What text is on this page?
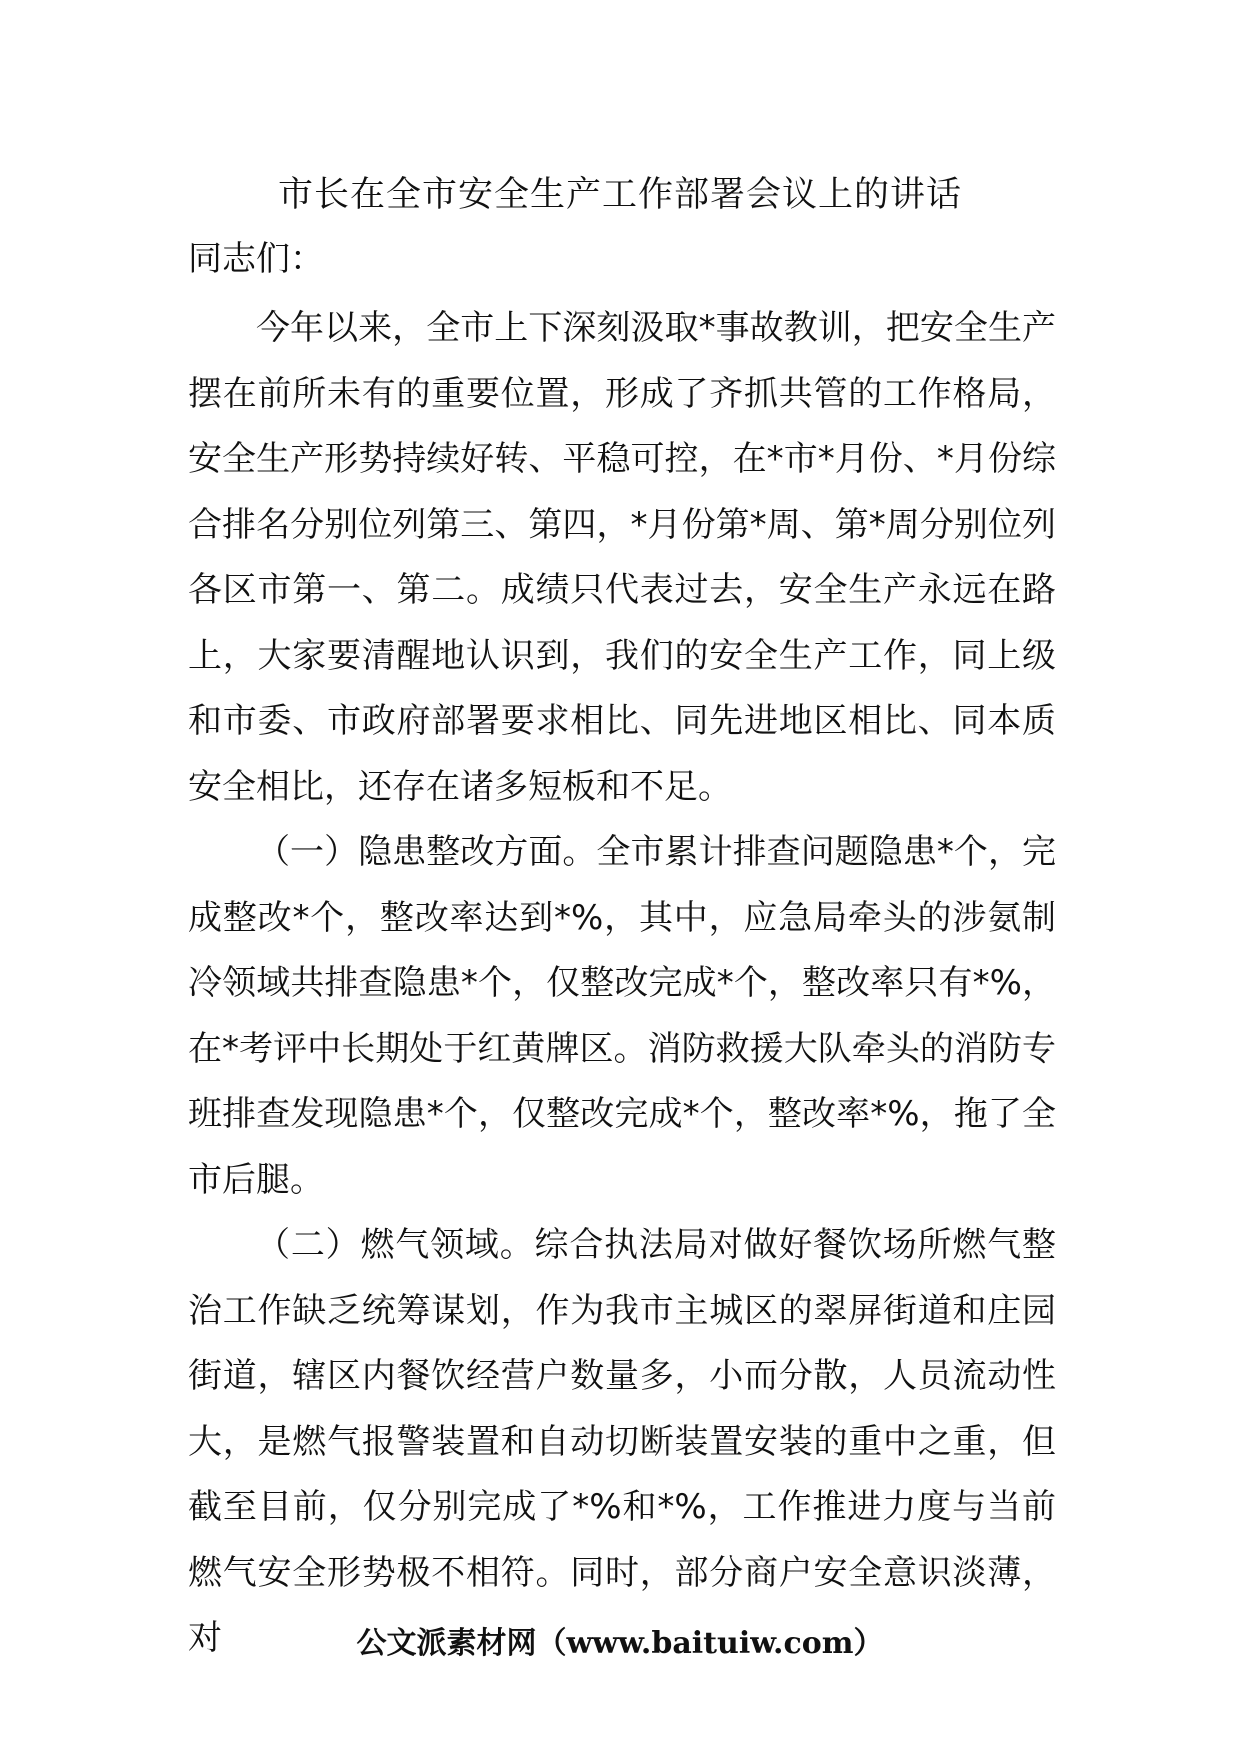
市长在全市安全生产工作部署会议上的讲话

同志们：

今年以来，全市上下深刻汲取*事故教训，把安全生产摆在前所未有的重要位置，形成了齐抓共管的工作格局，安全生产形势持续好转、平稳可控，在*市*月份、*月份综合排名分别位列第三、第四，*月份第*周、第*周分别位列各区市第一、第二。成绩只代表过去，安全生产永远在路上，大家要清醒地认识到，我们的安全生产工作，同上级和市委、市政府部署要求相比、同先进地区相比、同本质安全相比，还存在诸多短板和不足。

（一）隐患整改方面。全市累计排查问题隐患*个，完成整改*个，整改率达到*%，其中，应急局牵头的涉氨制冷领域共排查隐患*个，仅整改完成*个，整改率只有*%，在*考评中长期处于红黄牌区。消防救援大队牵头的消防专班排查发现隐患*个，仅整改完成*个，整改率*%，拖了全市后腿。

（二）燃气领域。综合执法局对做好餐饮场所燃气整治工作缺乏统筹谋划，作为我市主城区的翠屏街道和庄园街道，辖区内餐饮经营户数量多，小而分散，人员流动性大，是燃气报警装置和自动切断装置安装的重中之重，但截至目前，仅分别完成了*%和*%，工作推进力度与当前燃气安全形势极不相符。同时，部分商户安全意识淡薄，对	公文派素材网（www.baituiw.com）
